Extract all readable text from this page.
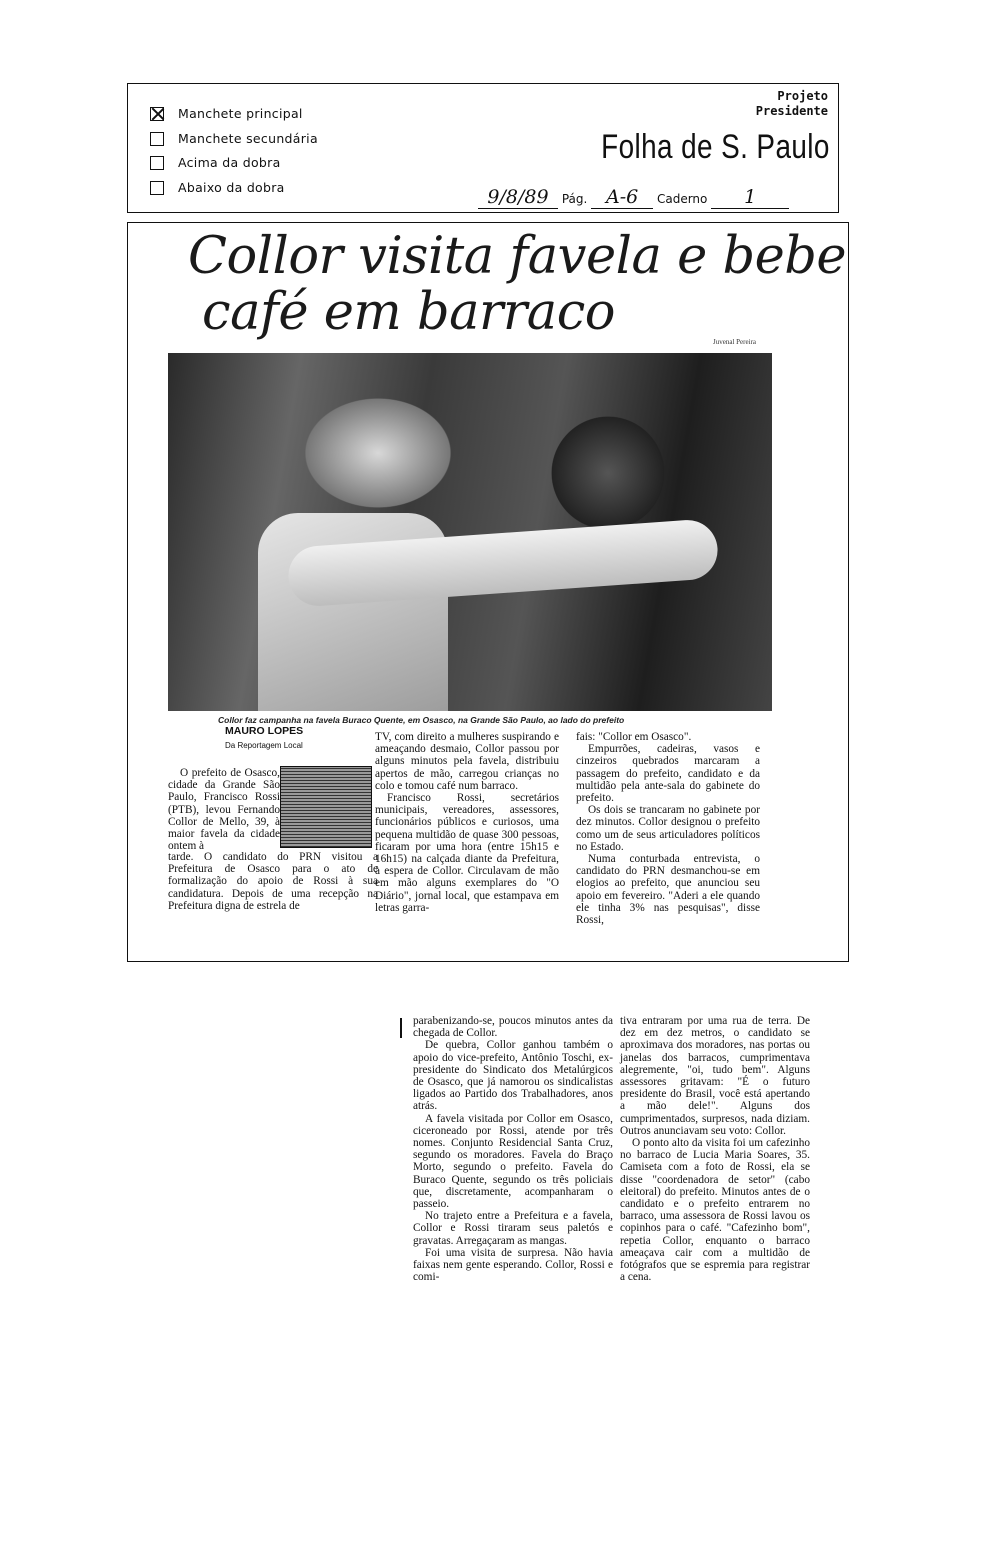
Manchete principal
Manchete secundária
Acima da dobra
Abaixo da dobra
Projeto
Presidente
Folha de S. Paulo
9/8/89 Pág. A-6 Caderno 1
Collor visita favela e bebe
café em barraco	Juvenal Pereira
Collor faz campanha na favela Buraco Quente, em Osasco, na Grande São Paulo, ao lado do prefeito
MAURO LOPES
Da Reportagem Local

O prefeito de Osasco, cidade da Grande São Paulo, Francisco Rossi (PTB), levou Fernando Collor de Mello, 39, à maior favela da cidade ontem à

tarde. O candidato do PRN visitou a Prefeitura de Osasco para o ato de formalização do apoio de Rossi à sua candidatura. Depois de uma recepção na Prefeitura digna de estrela de

TV, com direito a mulheres suspirando e ameaçando desmaio, Collor passou por alguns minutos pela favela, distribuiu apertos de mão, carregou crianças no colo e tomou café num barraco.

Francisco Rossi, secretários municipais, vereadores, assessores, funcionários públicos e curiosos, uma pequena multidão de quase 300 pessoas, ficaram por uma hora (entre 15h15 e 16h15) na calçada diante da Prefeitura, à espera de Collor. Circulavam de mão em mão alguns exemplares do "O Diário", jornal local, que estampava em letras garra-

fais: "Collor em Osasco".

Empurrões, cadeiras, vasos e cinzeiros quebrados marcaram a passagem do prefeito, candidato e da multidão pela ante-sala do gabinete do prefeito.

Os dois se trancaram no gabinete por dez minutos. Collor designou o prefeito como um de seus articuladores políticos no Estado.

Numa conturbada entrevista, o candidato do PRN desmanchou-se em elogios ao prefeito, que anunciou seu apoio em fevereiro. "Aderi a ele quando ele tinha 3% nas pesquisas", disse Rossi,

parabenizando-se, poucos minutos antes da chegada de Collor.

De quebra, Collor ganhou também o apoio do vice-prefeito, Antônio Toschi, ex-presidente do Sindicato dos Metalúrgicos de Osasco, que já namorou os sindicalistas ligados ao Partido dos Trabalhadores, anos atrás.

A favela visitada por Collor em Osasco, cicerоneado por Rossi, atende por três nomes. Conjunto Residencial Santa Cruz, segundo os moradores. Favela do Braço Morto, segundo o prefeito. Favela do Buraco Quente, segundo os três policiais que, discretamente, acompanharam o passeio.

No trajeto entre a Prefeitura e a favela, Collor e Rossi tiraram seus paletós e gravatas. Arregaçaram as mangas.

Foi uma visita de surpresa. Não havia faixas nem gente esperando. Collor, Rossi e comi-

tiva entraram por uma rua de terra. De dez em dez metros, o candidato se aproximava dos moradores, nas portas ou janelas dos barracos, cumprimentava alegremente, "oi, tudo bem". Alguns assessores gritavam: "É o futuro presidente do Brasil, você está apertando a mão dele!". Alguns dos cumprimentados, surpresos, nada diziam. Outros anunciavam seu voto: Collor.

O ponto alto da visita foi um cafezinho no barraco de Lucia Maria Soares, 35. Camiseta com a foto de Rossi, ela se disse "coordenadora de setor" (cabo eleitoral) do prefeito. Minutos antes de o candidato e o prefeito entrarem no barraco, uma assessora de Rossi lavou os copinhos para o café. "Cafezinho bom", repetia Collor, enquanto o barraco ameaçava cair com a multidão de fotógrafos que se espremia para registrar a cena.
